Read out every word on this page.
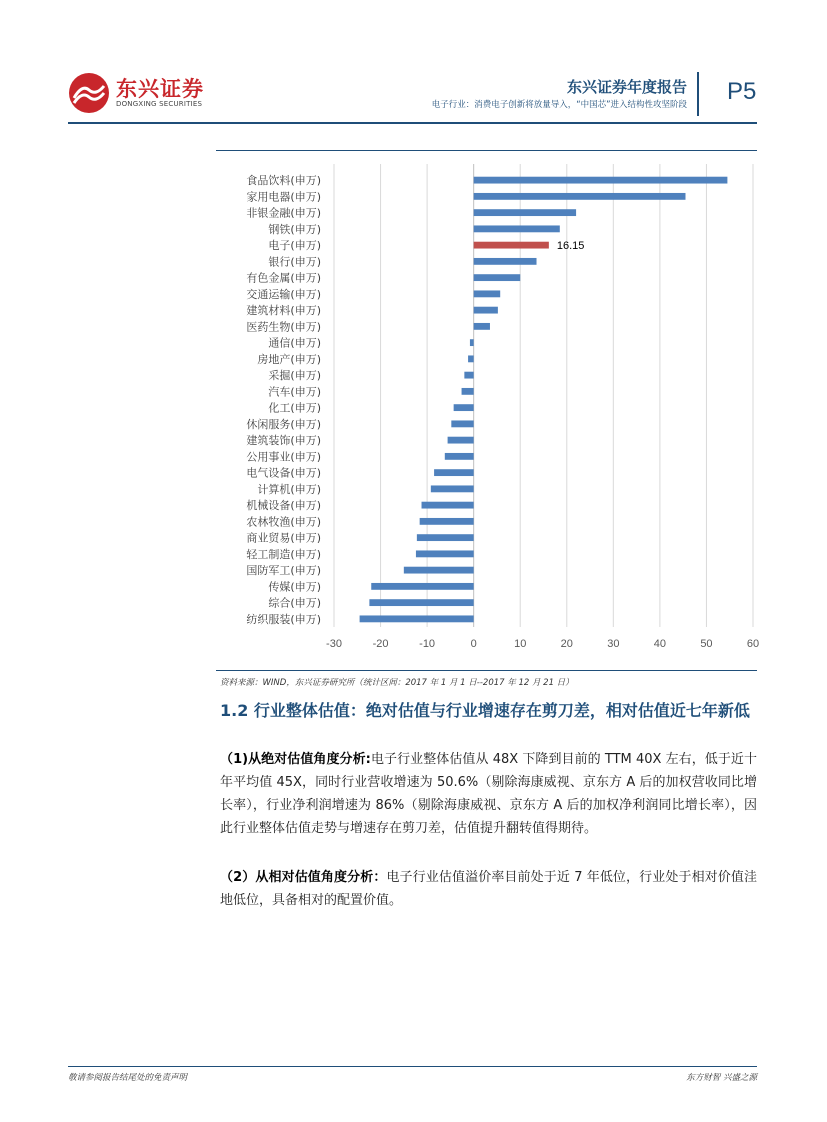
东兴证券
DONGXING SECURITIES
东兴证券年度报告
电子行业：消费电子创新将放量导入，“中国芯”进入结构性攻坚阶段 P5
-30	-20	-10	0	10	20	30	40	50	60
食品饮料(申万)
家用电器(申万)
非银金融(申万)
钢铁(申万)
电子(申万)	16.15
银行(申万)
有色金属(申万)
交通运输(申万)
建筑材料(申万)
医药生物(申万)
通信(申万)
房地产(申万)
采掘(申万)
汽车(申万)
化工(申万)
休闲服务(申万)
建筑装饰(申万)
公用事业(申万)
电气设备(申万)
计算机(申万)
机械设备(申万)
农林牧渔(申万)
商业贸易(申万)
轻工制造(申万)
国防军工(申万)
传媒(申万)
综合(申万)
纺织服装(申万)
资料来源：WIND，东兴证券研究所（统计区间：2017 年 1 月 1 日--2017 年 12 月 21 日）
1.2 行业整体估值：绝对估值与行业增速存在剪刀差，相对估值近七年新低
（1)从绝对估值角度分析:电子行业整体估值从 48X 下降到目前的 TTM 40X 左右，低于近十年平均值 45X，同时行业营收增速为 50.6%（剔除海康威视、京东方 A 后的加权营收同比增长率），行业净利润增速为 86%（剔除海康威视、京东方 A 后的加权净利润同比增长率），因此行业整体估值走势与增速存在剪刀差，估值提升翻转值得期待。
（2）从相对估值角度分析：电子行业估值溢价率目前处于近 7 年低位，行业处于相对价值洼地低位，具备相对的配置价值。
敬请参阅报告结尾处的免责声明	东方财智 兴盛之源
